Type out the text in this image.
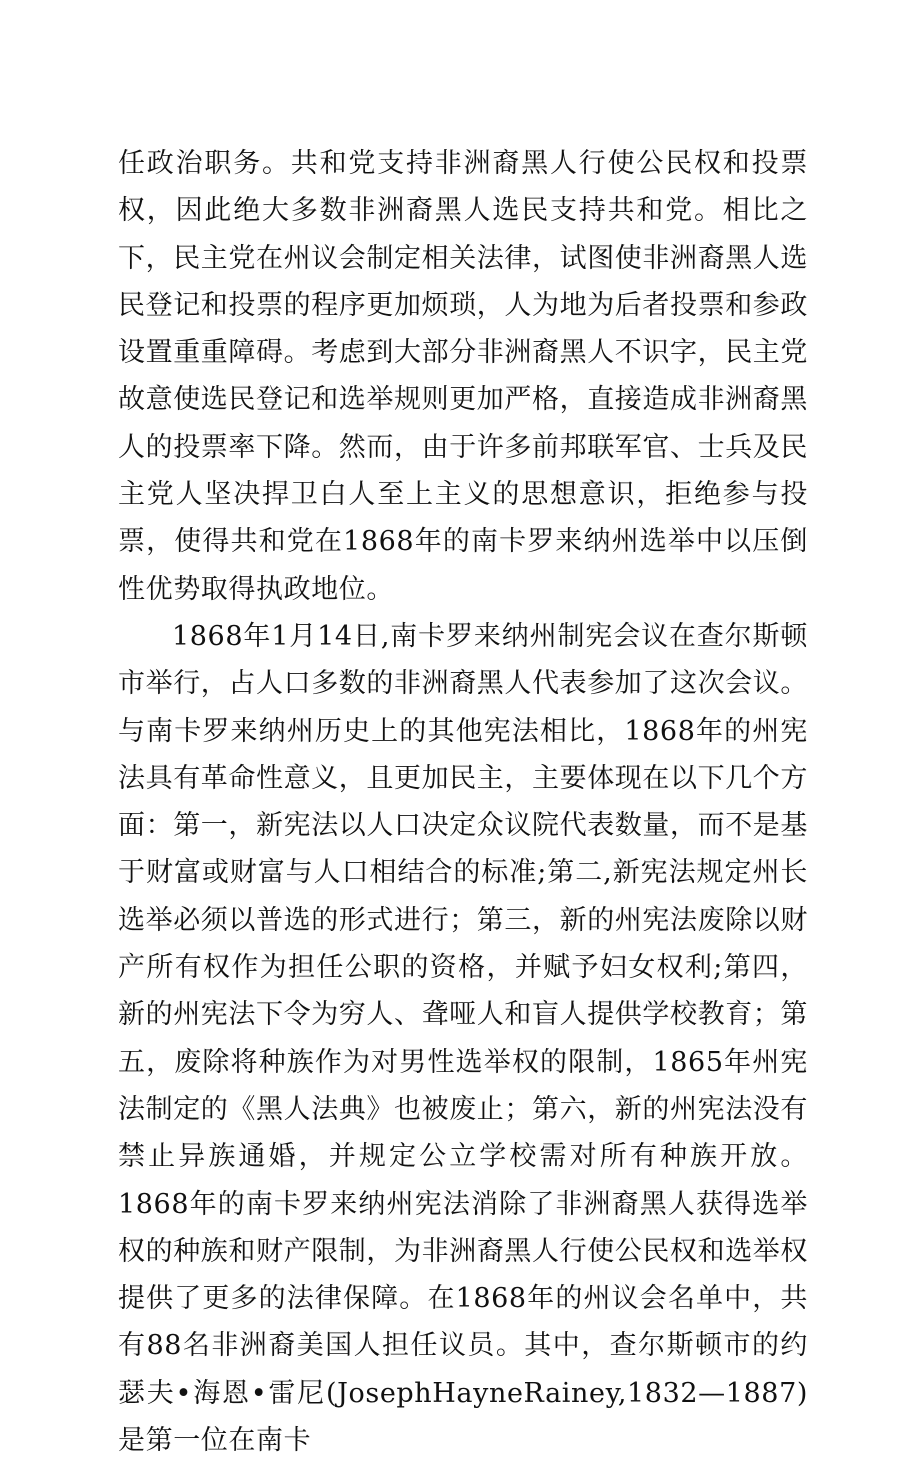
任政治职务。共和党支持非洲裔黑人行使公民权和投票权，因此绝大多数非洲裔黑人选民支持共和党。相比之下，民主党在州议会制定相关法律，试图使非洲裔黑人选民登记和投票的程序更加烦琐，人为地为后者投票和参政设置重重障碍。考虑到大部分非洲裔黑人不识字，民主党故意使选民登记和选举规则更加严格，直接造成非洲裔黑人的投票率下降。然而，由于许多前邦联军官、士兵及民主党人坚决捍卫白人至上主义的思想意识，拒绝参与投票，使得共和党在1868年的南卡罗来纳州选举中以压倒性优势取得执政地位。

1868年1月14日,南卡罗来纳州制宪会议在查尔斯顿市举行，占人口多数的非洲裔黑人代表参加了这次会议。与南卡罗来纳州历史上的其他宪法相比，1868年的州宪法具有革命性意义，且更加民主，主要体现在以下几个方面：第一，新宪法以人口决定众议院代表数量，而不是基于财富或财富与人口相结合的标准;第二,新宪法规定州长选举必须以普选的形式进行；第三，新的州宪法废除以财产所有权作为担任公职的资格，并赋予妇女权利;第四，新的州宪法下令为穷人、聋哑人和盲人提供学校教育；第五，废除将种族作为对男性选举权的限制，1865年州宪法制定的《黑人法典》也被废止；第六，新的州宪法没有禁止异族通婚，并规定公立学校需对所有种族开放。1868年的南卡罗来纳州宪法消除了非洲裔黑人获得选举权的种族和财产限制，为非洲裔黑人行使公民权和选举权提供了更多的法律保障。在1868年的州议会名单中，共有88名非洲裔美国人担任议员。其中，查尔斯顿市的约瑟夫•海恩•雷尼(JosephHayneRainey,1832—1887)是第一位在南卡
